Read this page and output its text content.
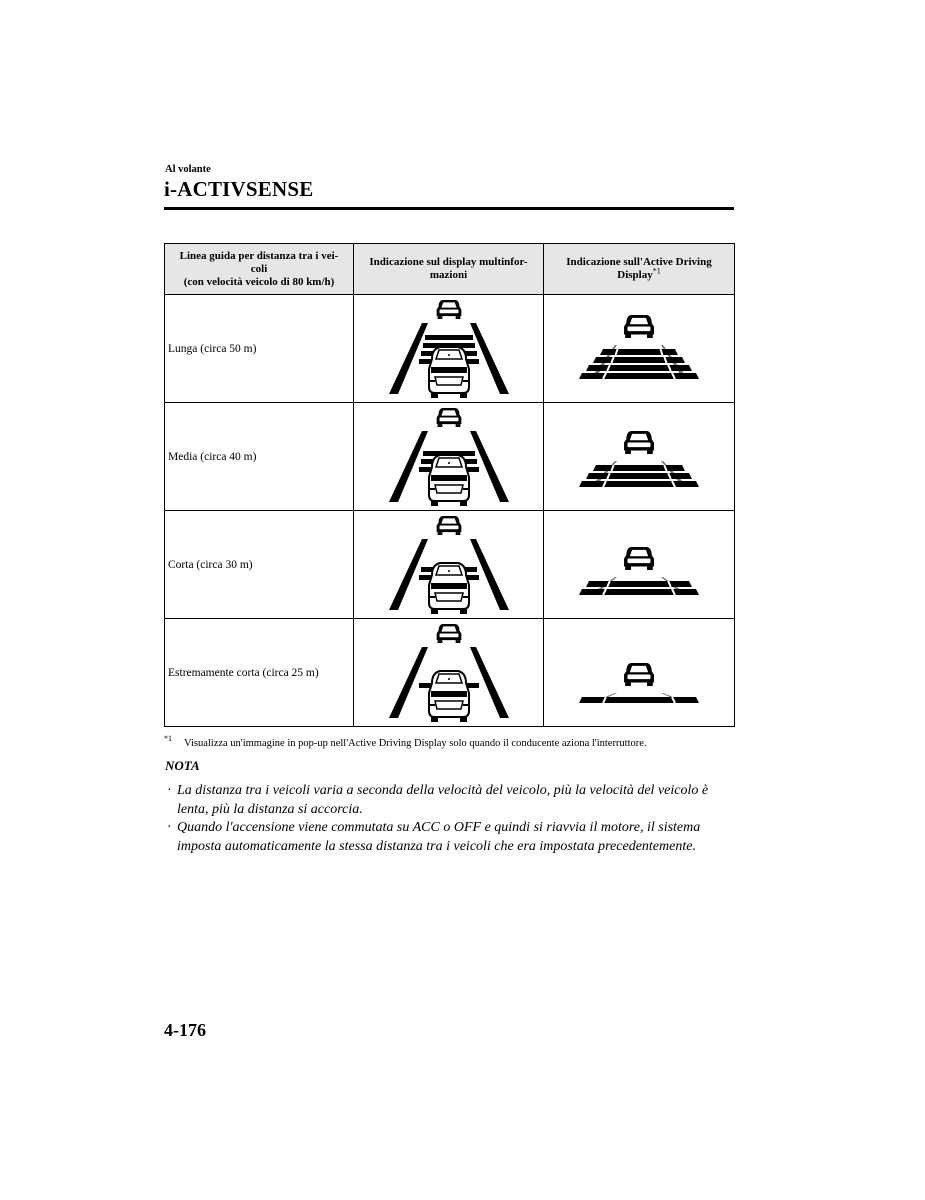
Al volante
i-ACTIVSENSE
Linea guida per distanza tra i vei-
coli
(con velocità veicolo di 80 km/h)	Indicazione sul display multinfor-
mazioni	Indicazione sull'Active Driving
Display$^{*1}$
Lunga (circa 50 m)	

Media (circa 40 m)	

Corta (circa 30 m)	

Estremamente corta (circa 25 m)	

$^{*1}$ Visualizza un'immagine in pop-up nell'Active Driving Display solo quando il conducente aziona l'interruttore.
NOTA
· La distanza tra i veicoli varia a seconda della velocità del veicolo, più la velocità del veicolo è lenta, più la distanza si accorcia.
· Quando l'accensione viene commutata su ACC o OFF e quindi si riavvia il motore, il sistema imposta automaticamente la stessa distanza tra i veicoli che era impostata precedentemente.
4-176
